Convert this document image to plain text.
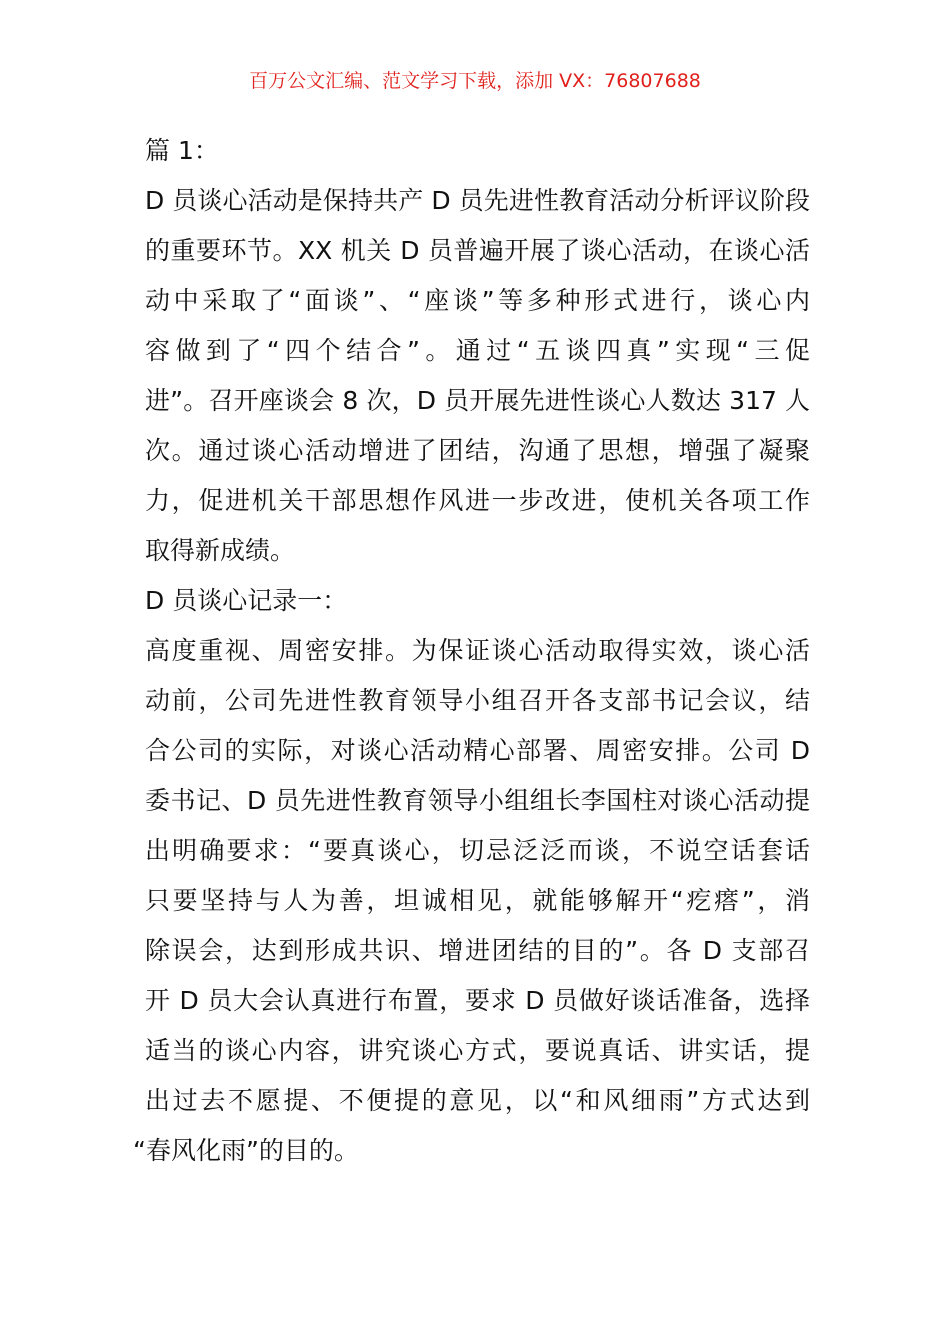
百万公文汇编、范文学习下载，添加 VX：76807688
篇 1：
D 员谈心活动是保持共产 D 员先进性教育活动分析评议阶段
的重要环节。XX 机关 D 员普遍开展了谈心活动，在谈心活
动中采取了“面谈”、“座谈”等多种形式进行，谈心内
容做到了“四个结合”。通过“五谈四真”实现“三促
进”。召开座谈会 8 次，D 员开展先进性谈心人数达 317 人
次。通过谈心活动增进了团结，沟通了思想，增强了凝聚
力，促进机关干部思想作风进一步改进，使机关各项工作
取得新成绩。
D 员谈心记录一：
高度重视、周密安排。为保证谈心活动取得实效，谈心活
动前，公司先进性教育领导小组召开各支部书记会议，结
合公司的实际，对谈心活动精心部署、周密安排。公司 D
委书记、D 员先进性教育领导小组组长李国柱对谈心活动提
出明确要求：“要真谈心，切忌泛泛而谈，不说空话套话
只要坚持与人为善，坦诚相见，就能够解开“疙瘩”，消
除误会，达到形成共识、增进团结的目的”。各 D 支部召
开 D 员大会认真进行布置，要求 D 员做好谈话准备，选择
适当的谈心内容，讲究谈心方式，要说真话、讲实话，提
出过去不愿提、不便提的意见，以“和风细雨”方式达到
“春风化雨”的目的。
